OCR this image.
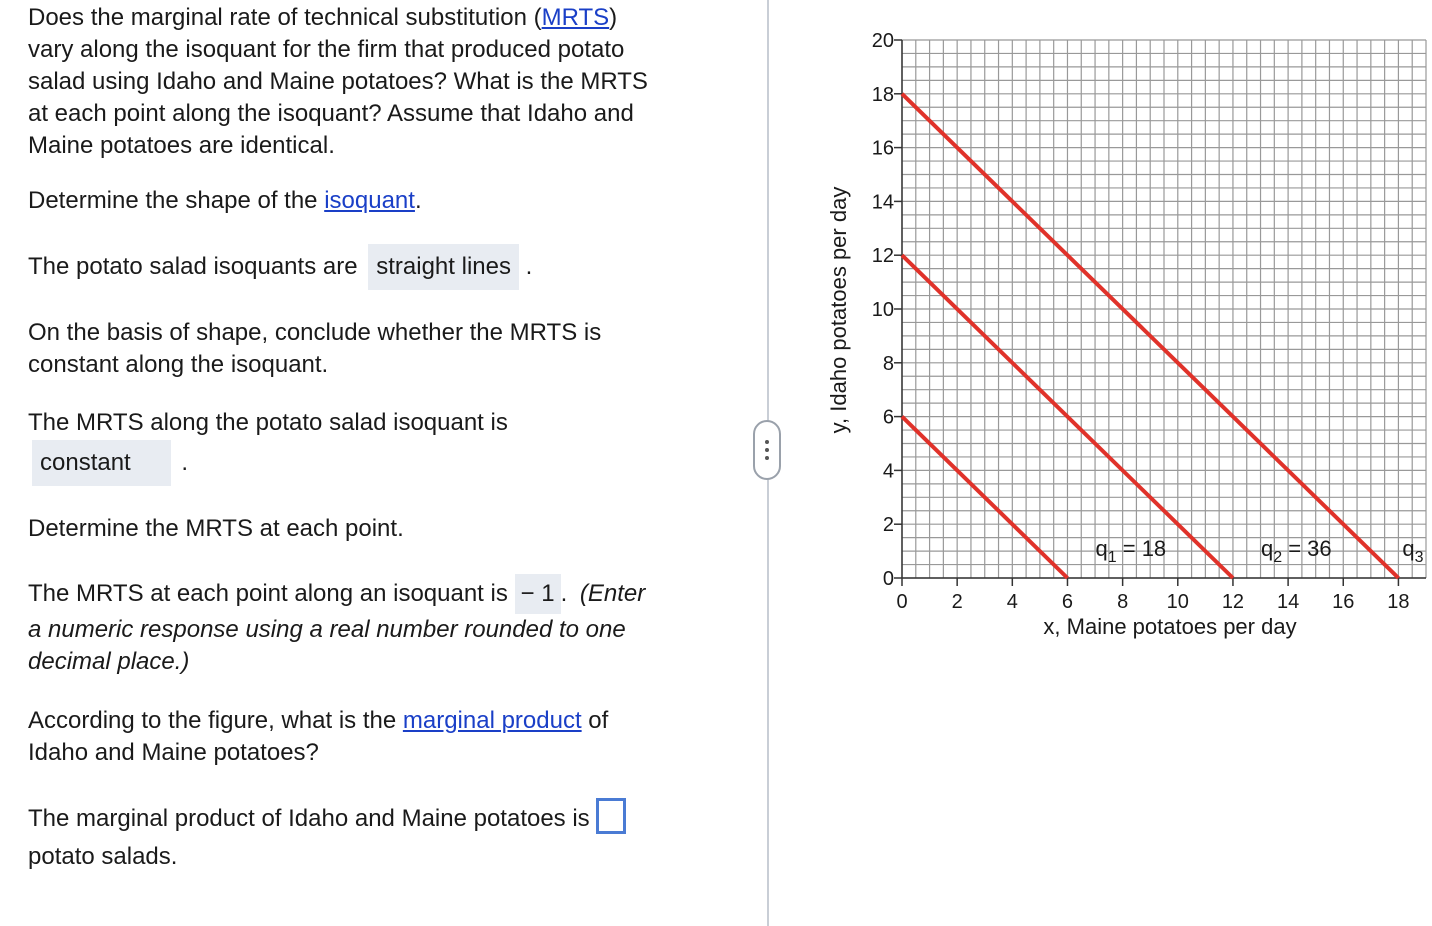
Does the marginal rate of technical substitution (MRTS)
vary along the isoquant for the firm that produced potato
salad using Idaho and Maine potatoes? What is the MRTS
at each point along the isoquant? Assume that Idaho and
Maine potatoes are identical.

Determine the shape of the isoquant.

The potato salad isoquants are straight lines .

On the basis of shape, conclude whether the MRTS is
constant along the isoquant.

The MRTS along the potato salad isoquant is

constant .

Determine the MRTS at each point.

The MRTS at each point along an isoquant is − 1 . (Enter
a numeric response using a real number rounded to one
decimal place.)

According to the figure, what is the marginal product of
Idaho and Maine potatoes?

The marginal product of Idaho and Maine potatoes is
potato salads.

0
2
4
6
8
10
12
14
16
18
20
0 2 4 6 8 10 12 14 16 18
$q_1 = 18$	$q_2 = 36$	$q_3$
x, Maine potatoes per day
y, Idaho potatoes per day
